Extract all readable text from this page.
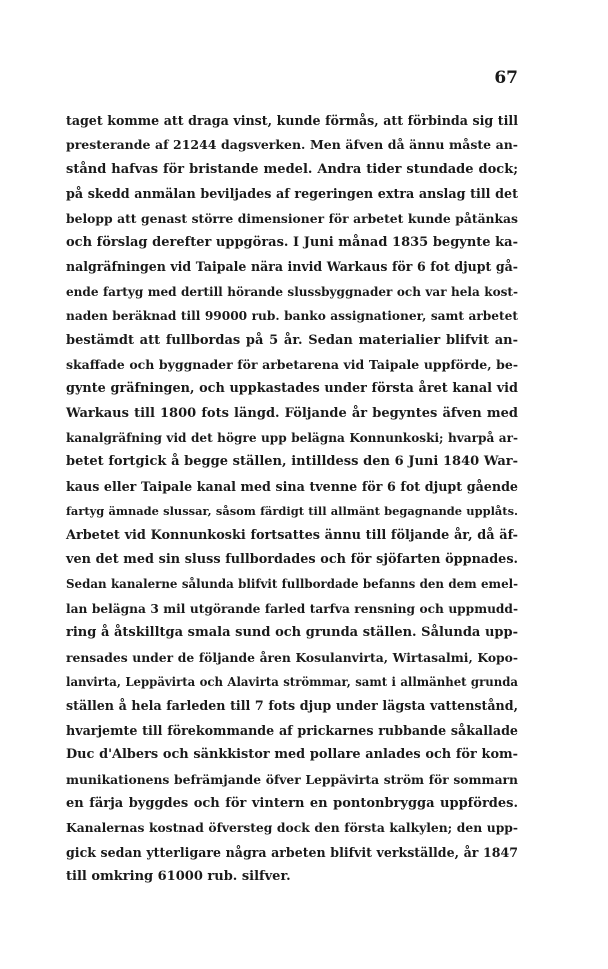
67
taget komme att draga vinst, kunde förmås, att förbinda sig till
presterande af 21244 dagsverken. Men äfven då ännu måste an-
stånd hafvas för bristande medel. Andra tider stundade dock;
på skedd anmälan beviljades af regeringen extra anslag till det
belopp att genast större dimensioner för arbetet kunde påtänkas
och förslag derefter uppgöras. I Juni månad 1835 begynte ka-
nalgräfningen vid Taipale nära invid Warkaus för 6 fot djupt gå-
ende fartyg med dertill hörande slussbyggnader och var hela kost-
naden beräknad till 99000 rub. banko assignationer, samt arbetet
bestämdt att fullbordas på 5 år. Sedan materialier blifvit an-
skaffade och byggnader för arbetarena vid Taipale uppförde, be-
gynte gräfningen, och uppkastades under första året kanal vid
Warkaus till 1800 fots längd. Följande år begyntes äfven med
kanalgräfning vid det högre upp belägna Konnunkoski; hvarpå ar-
betet fortgick å begge ställen, intilldess den 6 Juni 1840 War-
kaus eller Taipale kanal med sina tvenne för 6 fot djupt gående
fartyg ämnade slussar, såsom färdigt till allmänt begagnande upplåts.
Arbetet vid Konnunkoski fortsattes ännu till följande år, då äf-
ven det med sin sluss fullbordades och för sjöfarten öppnades.
Sedan kanalerne sålunda blifvit fullbordade befanns den dem emel-
lan belägna 3 mil utgörande farled tarfva rensning och uppmudd-
ring å åtskilltga smala sund och grunda ställen. Sålunda upp-
rensades under de följande åren Kosulanvirta, Wirtasalmi, Kopo-
lanvirta, Leppävirta och Alavirta strömmar, samt i allmänhet grunda
ställen å hela farleden till 7 fots djup under lägsta vattenstånd,
hvarjemte till förekommande af prickarnes rubbande såkallade
Duc d'Albers och sänkkistor med pollare anlades och för kom-
munikationens befrämjande öfver Leppävirta ström för sommarn
en färja byggdes och för vintern en pontonbrygga uppfördes.
Kanalernas kostnad öfversteg dock den första kalkylen; den upp-
gick sedan ytterligare några arbeten blifvit verkställde, år 1847
till omkring 61000 rub. silfver.
